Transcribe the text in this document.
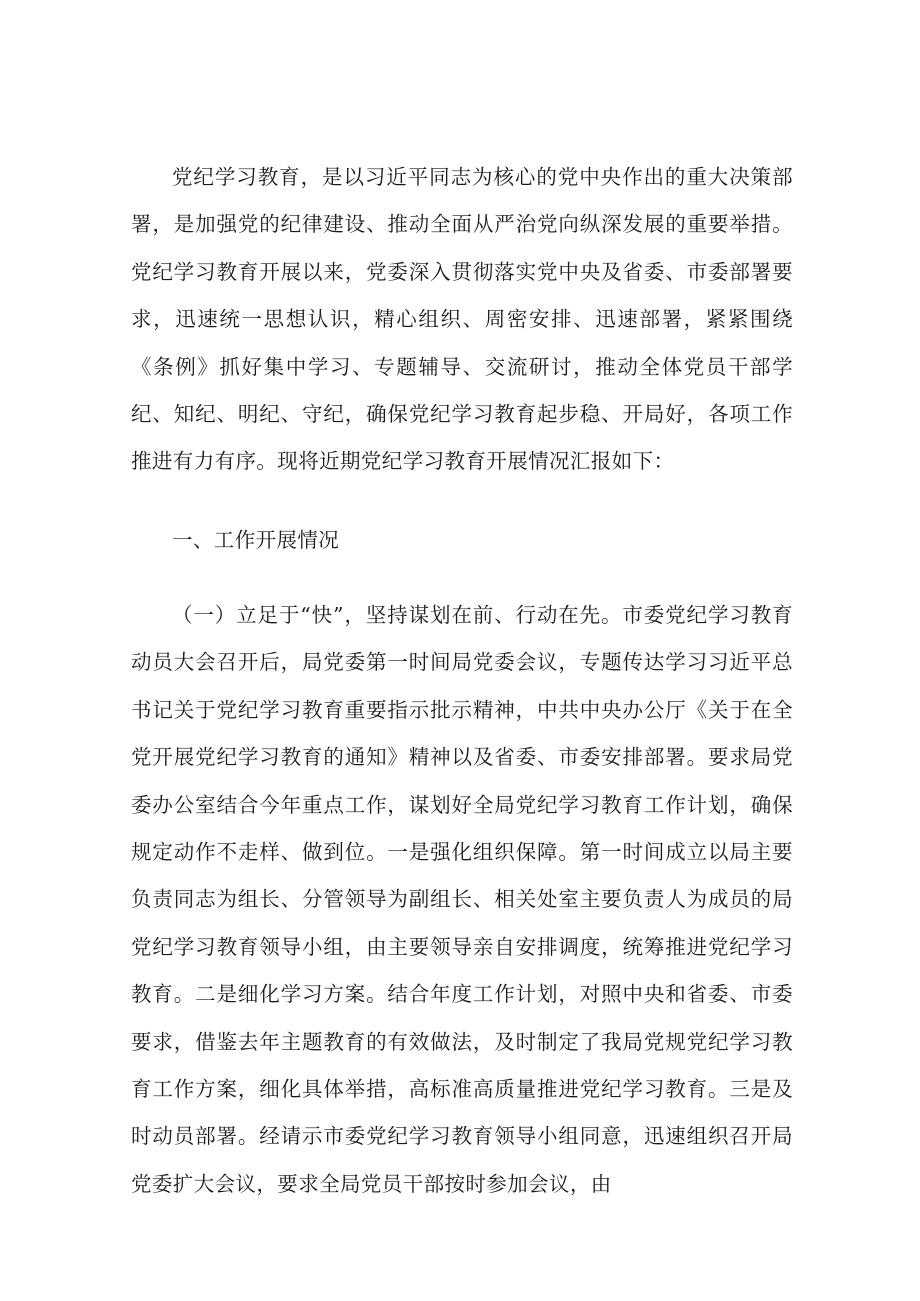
党纪学习教育，是以习近平同志为核心的党中央作出的重大决策部署，是加强党的纪律建设、推动全面从严治党向纵深发展的重要举措。党纪学习教育开展以来，党委深入贯彻落实党中央及省委、市委部署要求，迅速统一思想认识，精心组织、周密安排、迅速部署，紧紧围绕《条例》抓好集中学习、专题辅导、交流研讨，推动全体党员干部学纪、知纪、明纪、守纪，确保党纪学习教育起步稳、开局好，各项工作推进有力有序。现将近期党纪学习教育开展情况汇报如下：

一、工作开展情况

（一）立足于“快”，坚持谋划在前、行动在先。市委党纪学习教育动员大会召开后，局党委第一时间局党委会议，专题传达学习习近平总书记关于党纪学习教育重要指示批示精神，中共中央办公厅《关于在全党开展党纪学习教育的通知》精神以及省委、市委安排部署。要求局党委办公室结合今年重点工作，谋划好全局党纪学习教育工作计划，确保规定动作不走样、做到位。一是强化组织保障。第一时间成立以局主要负责同志为组长、分管领导为副组长、相关处室主要负责人为成员的局党纪学习教育领导小组，由主要领导亲自安排调度，统筹推进党纪学习教育。二是细化学习方案。结合年度工作计划，对照中央和省委、市委要求，借鉴去年主题教育的有效做法，及时制定了我局党规党纪学习教育工作方案，细化具体举措，高标准高质量推进党纪学习教育。三是及时动员部署。经请示市委党纪学习教育领导小组同意，迅速组织召开局党委扩大会议，要求全局党员干部按时参加会议，由
